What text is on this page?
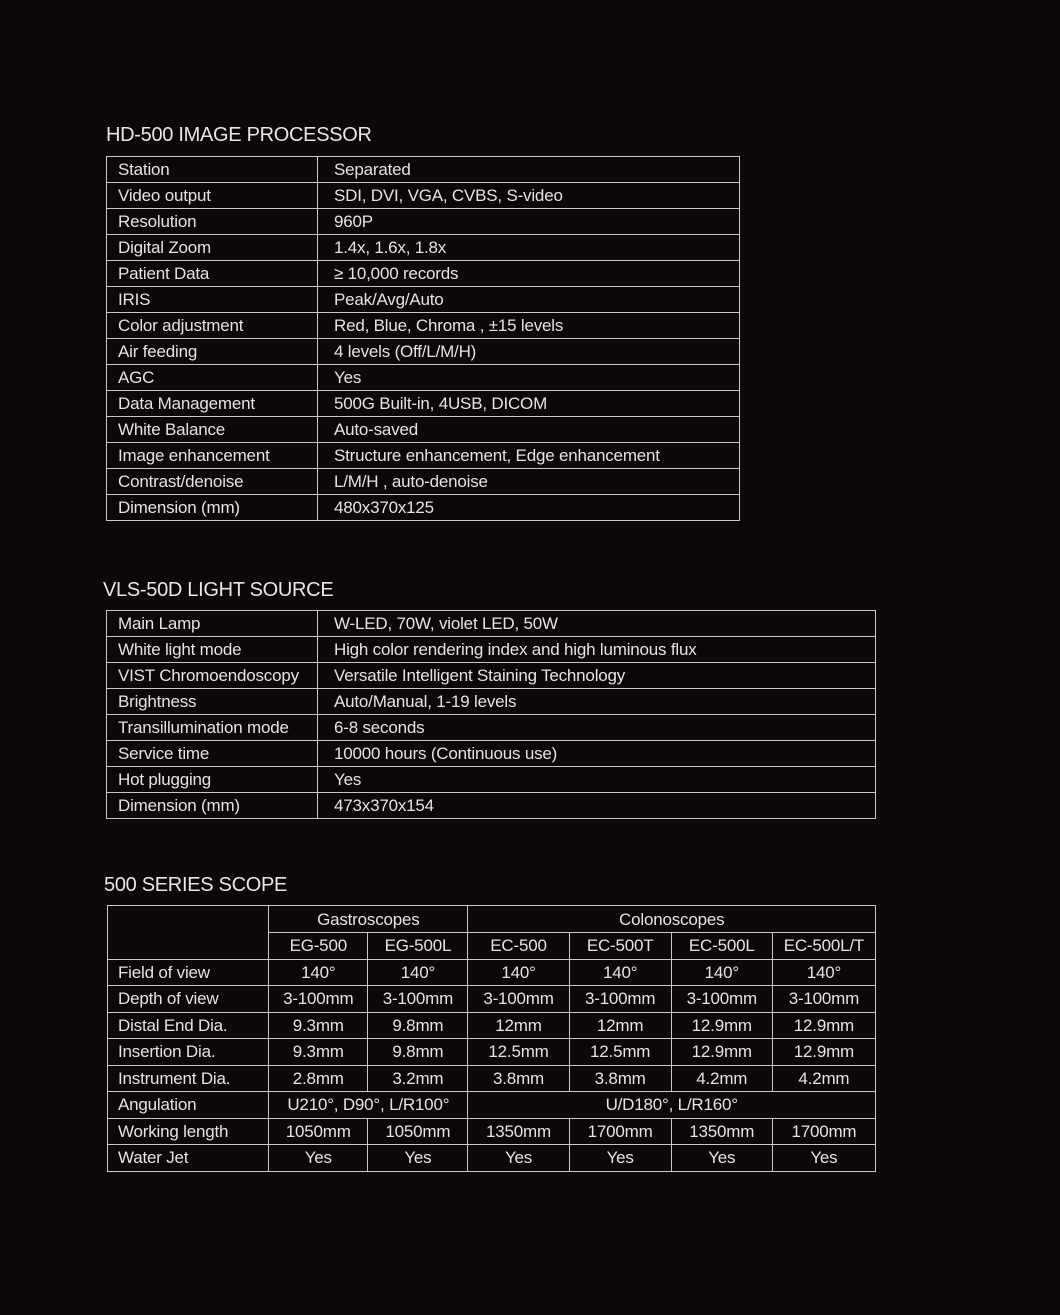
HD-500 IMAGE PROCESSOR
Station	Separated
Video output	SDI, DVI, VGA, CVBS, S-video
Resolution	960P
Digital Zoom	1.4x, 1.6x, 1.8x
Patient Data	≥ 10,000 records
IRIS	Peak/Avg/Auto
Color adjustment	Red, Blue, Chroma , ±15 levels
Air feeding	4 levels (Off/L/M/H)
AGC	Yes
Data Management	500G Built-in, 4USB, DICOM
White Balance	Auto-saved
Image enhancement	Structure enhancement, Edge enhancement
Contrast/denoise	L/M/H , auto-denoise
Dimension (mm)	480x370x125
VLS-50D LIGHT SOURCE
Main Lamp	W-LED, 70W, violet LED, 50W
White light mode	High color rendering index and high luminous flux
VIST Chromoendoscopy	Versatile Intelligent Staining Technology
Brightness	Auto/Manual, 1-19 levels
Transillumination mode	6-8 seconds
Service time	10000 hours (Continuous use)
Hot plugging	Yes
Dimension (mm)	473x370x154
500 SERIES SCOPE
	Gastroscopes		Colonoscopes			
	EG-500	EG-500L	EC-500	EC-500T	EC-500L	EC-500L/T
Field of view	140°	140°	140°	140°	140°	140°
Depth of view	3-100mm	3-100mm	3-100mm	3-100mm	3-100mm	3-100mm
Distal End Dia.	9.3mm	9.8mm	12mm	12mm	12.9mm	12.9mm
Insertion Dia.	9.3mm	9.8mm	12.5mm	12.5mm	12.9mm	12.9mm
Instrument Dia.	2.8mm	3.2mm	3.8mm	3.8mm	4.2mm	4.2mm
Angulation	U210°, D90°, L/R100°		U/D180°, L/R160°			
Working length	1050mm	1050mm	1350mm	1700mm	1350mm	1700mm
Water Jet	Yes	Yes	Yes	Yes	Yes	Yes
